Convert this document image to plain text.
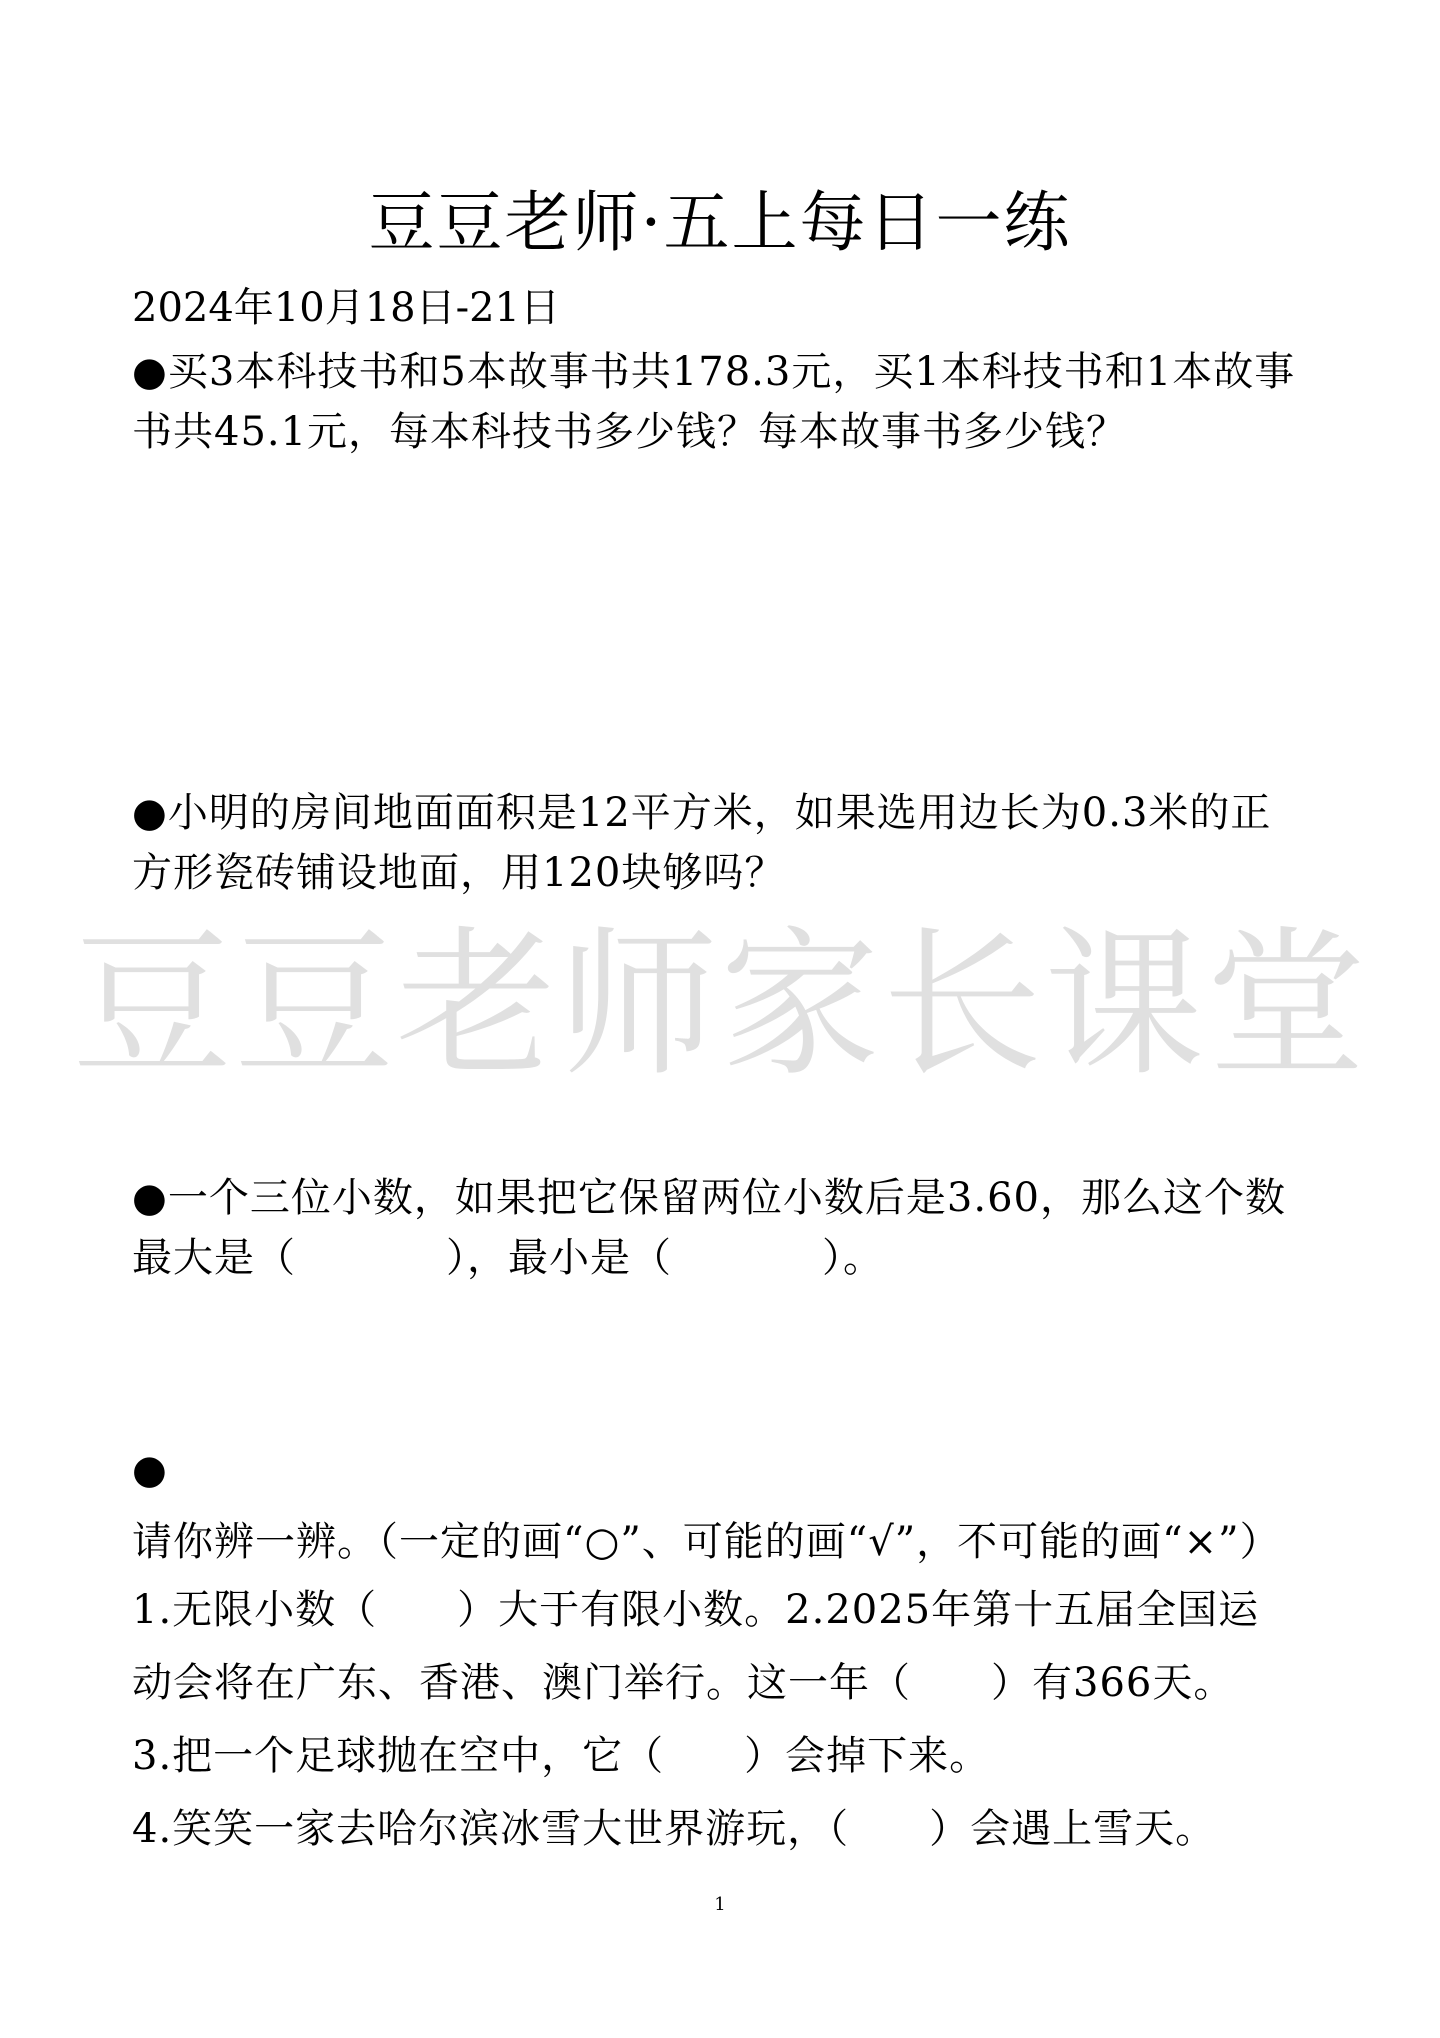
豆豆老师·五上每日一练
2024年10月18日-21日
●买3本科技书和5本故事书共178.3元，买1本科技书和1本故事书共45.1元，每本科技书多少钱？每本故事书多少钱？
●小明的房间地面面积是12平方米，如果选用边长为0.3米的正方形瓷砖铺设地面，用120块够吗？
豆豆老师家长课堂
●一个三位小数，如果把它保留两位小数后是3.60，那么这个数最大是（	），最小是（	）。
●请你辨一辨。（一定的画“○”、可能的画“√”，不可能的画“×”）
1.无限小数（ ）大于有限小数。2.2025年第十五届全国运
动会将在广东、香港、澳门举行。这一年（ ）有366天。
3.把一个足球抛在空中，它（ ）会掉下来。
4.笑笑一家去哈尔滨冰雪大世界游玩，（ ）会遇上雪天。
1
